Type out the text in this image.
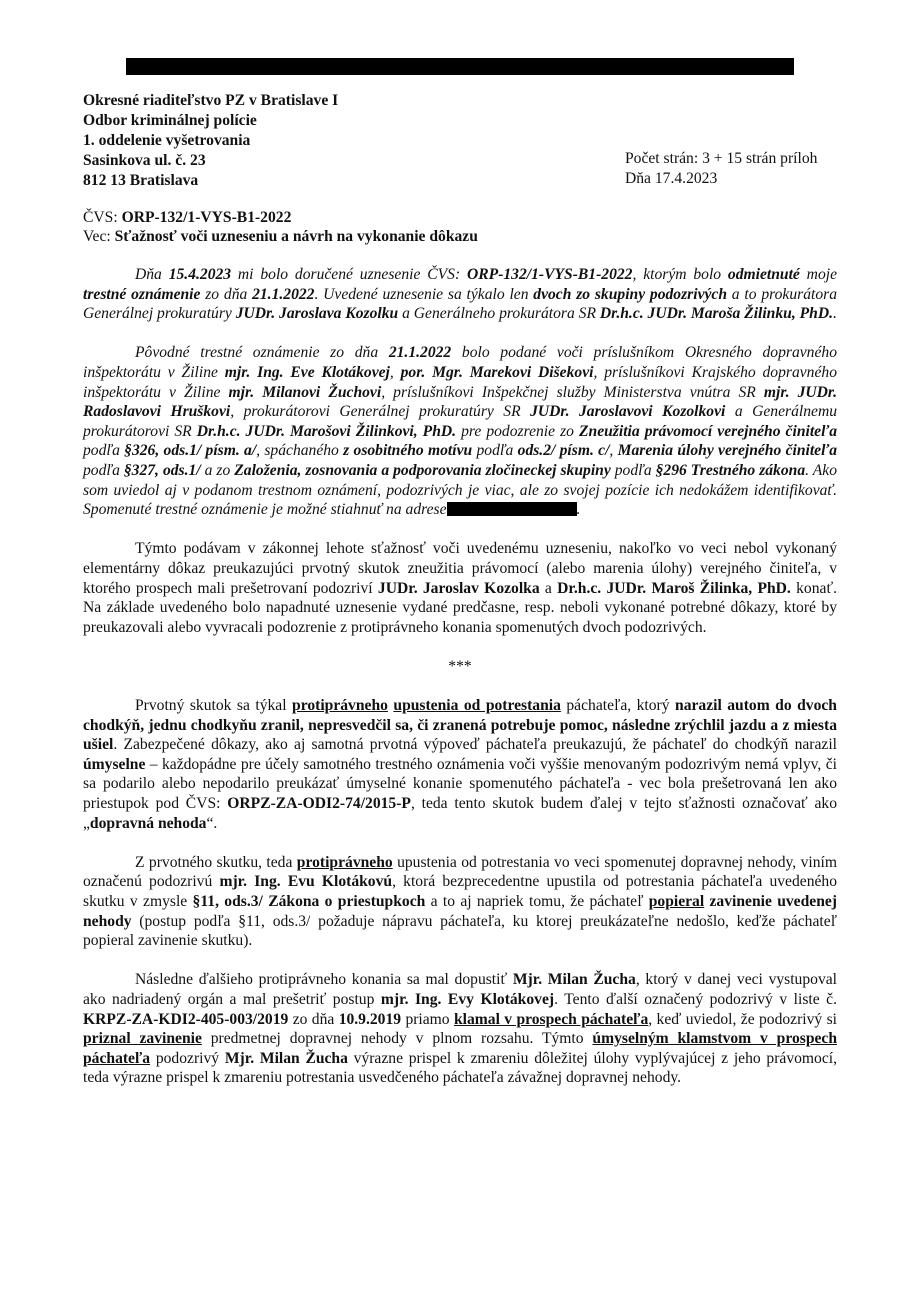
Okresné riaditeľstvo PZ v Bratislave I
Odbor kriminálnej polície
1. oddelenie vyšetrovania
Sasinkova ul. č. 23
812 13 Bratislava
Počet strán: 3 + 15 strán príloh
Dňa 17.4.2023
ČVS: ORP-132/1-VYS-B1-2022
Vec: Sťažnosť voči uzneseniu a návrh na vykonanie dôkazu

Dňa 15.4.2023 mi bolo doručené uznesenie ČVS: ORP-132/1-VYS-B1-2022, ktorým bolo odmietnuté moje trestné oznámenie zo dňa 21.1.2022. Uvedené uznesenie sa týkalo len dvoch zo skupiny podozrivých a to prokurátora Generálnej prokuratúry JUDr. Jaroslava Kozolku a Generálneho prokurátora SR Dr.h.c. JUDr. Maroša Žilinku, PhD..

Pôvodné trestné oznámenie zo dňa 21.1.2022 bolo podané voči príslušníkom Okresného dopravného inšpektorátu v Žiline mjr. Ing. Eve Klotákovej, por. Mgr. Marekovi Dišekovi, príslušníkovi Krajského dopravného inšpektorátu v Žiline mjr. Milanovi Žuchovi, príslušníkovi Inšpekčnej služby Ministerstva vnútra SR mjr. JUDr. Radoslavovi Hruškovi, prokurátorovi Generálnej prokuratúry SR JUDr. Jaroslavovi Kozolkovi a Generálnemu prokurátorovi SR Dr.h.c. JUDr. Marošovi Žilinkovi, PhD. pre podozrenie zo Zneužitia právomocí verejného činiteľa podľa §326, ods.1/ písm. a/, spáchaného z osobitného motívu podľa ods.2/ písm. c/, Marenia úlohy verejného činiteľa podľa §327, ods.1/ a zo Založenia, zosnovania a podporovania zločineckej skupiny podľa §296 Trestného zákona. Ako som uviedol aj v podanom trestnom oznámení, podozrivých je viac, ale zo svojej pozície ich nedokážem identifikovať. Spomenuté trestné oznámenie je možné stiahnuť na adrese	.

Týmto podávam v zákonnej lehote sťažnosť voči uvedenému uzneseniu, nakoľko vo veci nebol vykonaný elementárny dôkaz preukazujúci prvotný skutok zneužitia právomocí (alebo marenia úlohy) verejného činiteľa, v ktorého prospech mali prešetrovaní podozriví JUDr. Jaroslav Kozolka a Dr.h.c. JUDr. Maroš Žilinka, PhD. konať. Na základe uvedeného bolo napadnuté uznesenie vydané predčasne, resp. neboli vykonané potrebné dôkazy, ktoré by preukazovali alebo vyvracali podozrenie z protiprávneho konania spomenutých dvoch podozrivých.

***

Prvotný skutok sa týkal protiprávneho upustenia od potrestania páchateľa, ktorý narazil autom do dvoch chodkýň, jednu chodkyňu zranil, nepresvedčil sa, či zranená potrebuje pomoc, následne zrýchlil jazdu a z miesta ušiel. Zabezpečené dôkazy, ako aj samotná prvotná výpoveď páchateľa preukazujú, že páchateľ do chodkýň narazil úmyselne – každopádne pre účely samotného trestného oznámenia voči vyššie menovaným podozrivým nemá vplyv, či sa podarilo alebo nepodarilo preukázať úmyselné konanie spomenutého páchateľa - vec bola prešetrovaná len ako priestupok pod ČVS: ORPZ-ZA-ODI2-74/2015-P, teda tento skutok budem ďalej v tejto sťažnosti označovať ako „dopravná nehoda“.

Z prvotného skutku, teda protiprávneho upustenia od potrestania vo veci spomenutej dopravnej nehody, viním označenú podozrivú mjr. Ing. Evu Klotákovú, ktorá bezprecedentne upustila od potrestania páchateľa uvedeného skutku v zmysle §11, ods.3/ Zákona o priestupkoch a to aj napriek tomu, že páchateľ popieral zavinenie uvedenej nehody (postup podľa §11, ods.3/ požaduje nápravu páchateľa, ku ktorej preukázateľne nedošlo, keďže páchateľ popieral zavinenie skutku).

Následne ďalšieho protiprávneho konania sa mal dopustiť Mjr. Milan Žucha, ktorý v danej veci vystupoval ako nadriadený orgán a mal prešetriť postup mjr. Ing. Evy Klotákovej. Tento ďalší označený podozrivý v liste č. KRPZ-ZA-KDI2-405-003/2019 zo dňa 10.9.2019 priamo klamal v prospech páchateľa, keď uviedol, že podozrivý si priznal zavinenie predmetnej dopravnej nehody v plnom rozsahu. Týmto úmyselným klamstvom v prospech páchateľa podozrivý Mjr. Milan Žucha výrazne prispel k zmareniu dôležitej úlohy vyplývajúcej z jeho právomocí, teda výrazne prispel k zmareniu potrestania usvedčeného páchateľa závažnej dopravnej nehody.
